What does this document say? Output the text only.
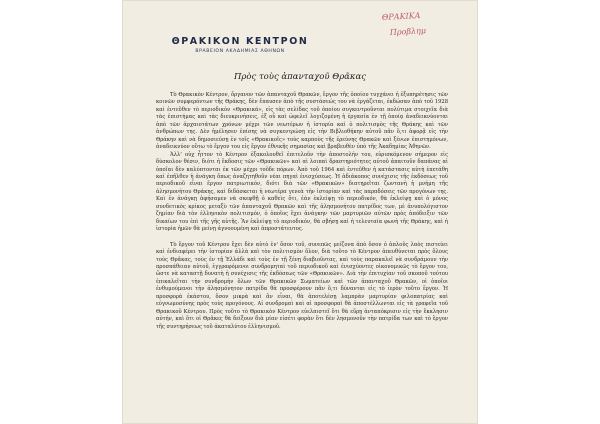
ΘΡΑΚΙΚΟΝ ΚΕΝΤΡΟΝ
ΒΡΑΒΕΙΟΝ ΑΚΑΔΗΜΙΑΣ ΑΘΗΝΩΝ
ΘΡΑΚΙΚΑ
Προβλημ
Πρὸς τοὺς ἁπανταχοῦ Θρᾶκας

Τὸ Θρακικὸν Κέντρον, ὄργανον τῶν ἁπανταχοῦ Θρακῶν, ἔργον τῆς ὁποίου τυγχάνει ἡ ἐξυπηρέτησις τῶν κοινῶν συμφερόντων τῆς Θράκης, δὲν ἔπαυσεν ἀπὸ τῆς συστάσεώς του νὰ ἐργάζεται, ἐκδώσαν ἀπὸ τοῦ 1928 καὶ ἐντεῦθεν τὸ περιοδικὸν «Θρακικά», εἰς τὰς σελίδας τοῦ ὁποίου συγκεντροῦνται πολύτιμα στοιχεῖα διὰ τὰς ἐπιστήμας καὶ τὰς διευκρινήσεις, ἐξ οὗ καὶ ὠφελεῖ λογιζομένη ἡ ἐργασία ἐν τῇ ὁποίᾳ ἀναδεικνύονται ἀπὸ τῶν ἀρχαιοτάτων χρόνων μέχρι τῶν νεωτέρων ἡ ἱστορία καὶ ὁ πολιτισμὸς τῆς Θράκης καὶ τῶν ἀνθρώπων της. Δὲν ἠμέλησεν ἐπίσης νὰ συγκεντρώσῃ εἰς τὴν Βιβλιοθήκην αὐτοῦ πᾶν ὅ,τι ἀφορᾷ εἰς τὴν Θράκην καὶ νὰ δημοσιεύσῃ ἐν τοῖς «Θρακικοῖς» τοὺς καρποὺς τῆς ἐρεύνης Θρακῶν καὶ ξένων ἐπιστημόνων, ἀναδεικνύον οὕτω τὸ ἔργον του εἰς ἔργον ἐθνικῆς σημασίας καὶ βραβευθὲν ὑπὸ τῆς Ἀκαδημίας Ἀθηνῶν.

Ἀλλ' οὐχ ἧττον τὸ Κέντρον ἐξακολουθεῖ ἐπιτελοῦν τὴν ἀποστολήν του, εὑρισκόμενον σήμερον εἰς δύσκολον θέσιν, διότι ἡ ἔκδοσις τῶν «Θρακικῶν» καὶ αἱ λοιπαὶ δραστηριότητες αὐτοῦ ἀπαιτοῦν δαπάνας αἱ ὁποῖαι δὲν καλύπτονται ἐκ τῶν μέχρι τοῦδε πόρων. Ἀπὸ τοῦ 1964 καὶ ἐντεῦθεν ἡ κατάστασις αὐτὴ ἐπετάθη καὶ ἐπῆλθεν ἡ ἀνάγκη ὅπως ἀναζητηθοῦν νέαι πηγαὶ ἐνισχύσεως. Ἡ ἀδιάκοπος συνέχισις τῆς ἐκδόσεως τοῦ περιοδικοῦ εἶναι ἔργον πατριωτικόν, διότι διὰ τῶν «Θρακικῶν» διατηρεῖται ζωντανὴ ἡ μνήμη τῆς ἀλησμονήτου Θράκης, καὶ διδάσκεται ἡ νεωτέρα γενεὰ τὴν ἱστορίαν καὶ τὰς παραδόσεις τῶν προγόνων της. Καὶ ἐν ἀνάγκῃ ἀφήσαμεν νὰ σκεφθῇ ὁ καθεὶς ὅτι, ἐὰν ἐκλείψῃ τὸ περιοδικόν, θὰ ἐκλείψῃ καὶ ὁ μόνος συνδετικὸς κρίκος μεταξὺ τῶν ἁπανταχοῦ Θρακῶν καὶ τῆς ἀλησμονήτου πατρίδος των, μὲ ἀνυπολόγιστον ζημίαν διὰ τὸν ἑλληνικὸν πολιτισμόν, ὁ ὁποῖος ἔχει ἀνάγκην τῶν μαρτυριῶν αὐτῶν πρὸς ἀπόδειξιν τῶν δικαίων του ἐπὶ τῆς γῆς αὐτῆς. Ἂν ἐκλείψῃ τὸ περιοδικόν, θὰ σβήσῃ καὶ ἡ τελευταία φωνὴ τῆς Θράκης, καὶ ἡ ἱστορία ἡμῶν θὰ μείνῃ ἀγνοουμένη καὶ ἀπροστάτευτος.

Τὸ ἔργον τοῦ Κέντρου ἔχει δὲν αὐτὸ ἐν' ὅσον τοῦ, συνεπῶς μείζονα ἀπὸ ὅσον ὁ ἀπλοῦς λαὸς πιστεύει καὶ ἐνδιαφέρει τὴν ἱστορίαν ἀλλὰ καὶ τὸν πολιτισμὸν ὅλον, διὰ τοῦτο τὸ Κέντρον ἀπευθύνεται πρὸς ὅλους τοὺς Θρᾶκας, τοὺς ἐν τῇ Ἑλλάδι καὶ τοὺς ἐν τῇ ξένῃ διαβιοῦντας, καὶ τοὺς παρακαλεῖ νὰ συνδράμουν τὴν προσπάθειαν αὐτοῦ, ἐγγραφόμενοι συνδρομηταὶ τοῦ περιοδικοῦ καὶ ἐνισχύοντες οἰκονομικῶς τὸ ἔργον του, ὥστε νὰ καταστῇ δυνατὴ ἡ συνέχισις τῆς ἐκδόσεως τῶν «Θρακικῶν». Διὰ τὴν ἐπιτυχίαν τοῦ σκοποῦ τούτου ἐπικαλεῖται τὴν συνδρομὴν ὅλων τῶν Θρακικῶν Σωματείων καὶ τῶν ἁπανταχοῦ Θρακῶν, οἱ ὁποῖοι ἐνθυμούμενοι τὴν ἀλησμόνητον πατρίδα θὰ προσφέρουν πᾶν ὅ,τι δύνανται εἰς τὸ ἱερὸν τοῦτο ἔργον. Ἡ προσφορὰ ἑκάστου, ὅσον μικρὰ καὶ ἂν εἶναι, θὰ ἀποτελέσῃ λαμπρὰν μαρτυρίαν φιλοπατρίας καὶ εὐγνωμοσύνης πρὸς τοὺς προγόνους. Αἱ συνδρομαὶ καὶ αἱ προσφοραὶ θὰ ἀποστέλλωνται εἰς τὰ γραφεῖα τοῦ Θρακικοῦ Κέντρου. Πρὸς τοῦτο τὸ Θρακικὸν Κέντρον εὐελπιστεῖ ὅτι θὰ εὕρῃ ἀνταπόκρισιν εἰς τὴν ἔκκλησιν αὐτήν, καὶ ὅτι οἱ Θρᾶκες θὰ δείξουν διὰ μίαν εἰσέτι φορὰν ὅτι δὲν λησμονοῦν τὴν πατρίδα των καὶ τὸ ἔργον τῆς συντηρήσεως τοῦ ἀκαταλύτου ἑλληνισμοῦ.
